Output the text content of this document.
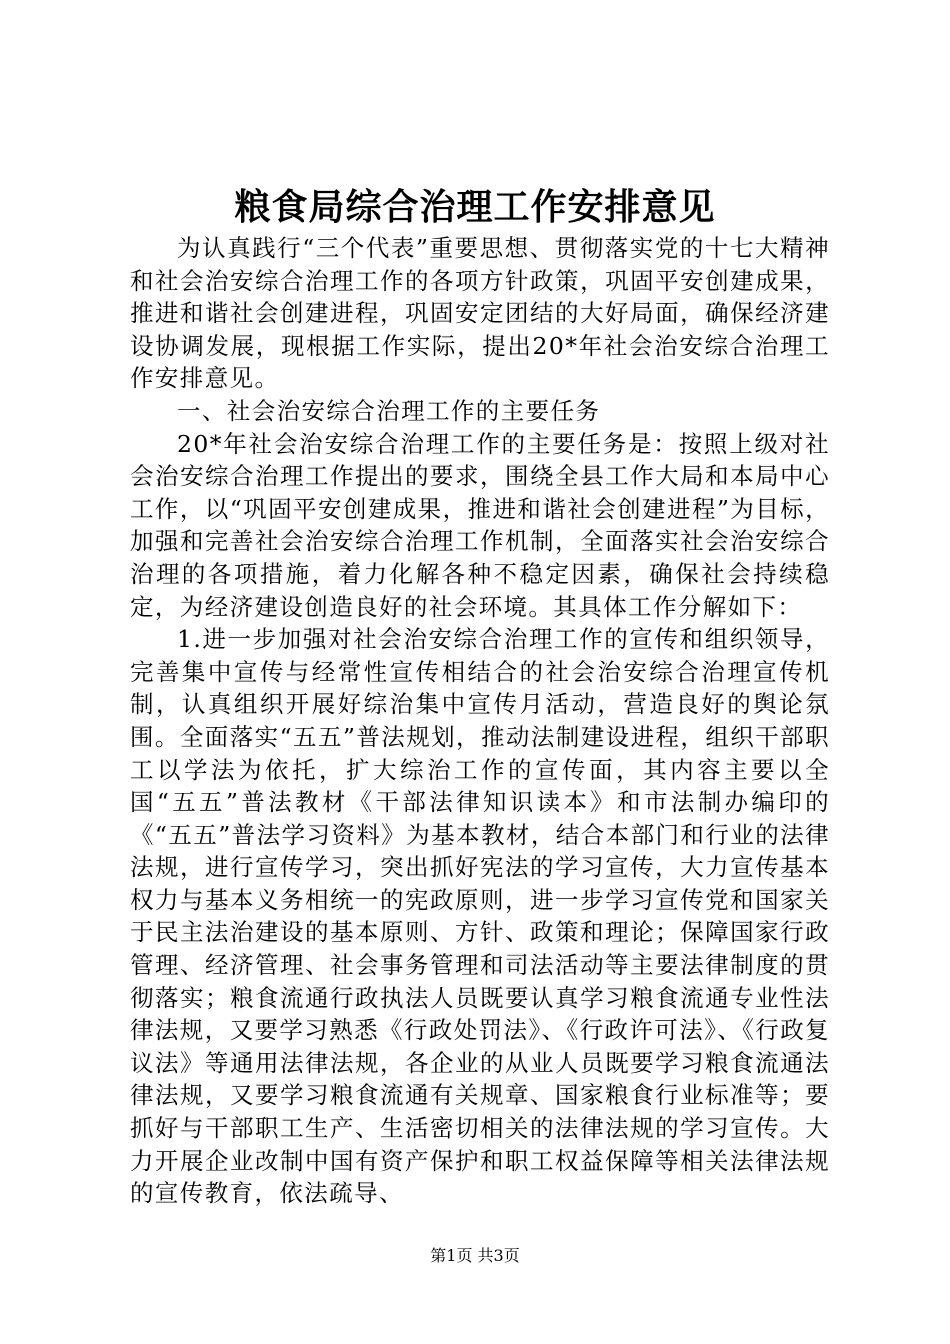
粮食局综合治理工作安排意见

为认真践行“三个代表”重要思想、贯彻落实党的十七大精神和社会治安综合治理工作的各项方针政策，巩固平安创建成果，推进和谐社会创建进程，巩固安定团结的大好局面，确保经济建设协调发展，现根据工作实际，提出20*年社会治安综合治理工作安排意见。

一、社会治安综合治理工作的主要任务

20*年社会治安综合治理工作的主要任务是：按照上级对社会治安综合治理工作提出的要求，围绕全县工作大局和本局中心工作，以“巩固平安创建成果，推进和谐社会创建进程”为目标，加强和完善社会治安综合治理工作机制，全面落实社会治安综合治理的各项措施，着力化解各种不稳定因素，确保社会持续稳定，为经济建设创造良好的社会环境。其具体工作分解如下：

1.进一步加强对社会治安综合治理工作的宣传和组织领导，完善集中宣传与经常性宣传相结合的社会治安综合治理宣传机制，认真组织开展好综治集中宣传月活动，营造良好的舆论氛围。全面落实“五五”普法规划，推动法制建设进程，组织干部职工以学法为依托，扩大综治工作的宣传面，其内容主要以全国“五五”普法教材《干部法律知识读本》和市法制办编印的《“五五”普法学习资料》为基本教材，结合本部门和行业的法律法规，进行宣传学习，突出抓好宪法的学习宣传，大力宣传基本权力与基本义务相统一的宪政原则，进一步学习宣传党和国家关于民主法治建设的基本原则、方针、政策和理论；保障国家行政管理、经济管理、社会事务管理和司法活动等主要法律制度的贯彻落实；粮食流通行政执法人员既要认真学习粮食流通专业性法律法规，又要学习熟悉《行政处罚法》、《行政许可法》、《行政复议法》等通用法律法规，各企业的从业人员既要学习粮食流通法律法规，又要学习粮食流通有关规章、国家粮食行业标准等；要抓好与干部职工生产、生活密切相关的法律法规的学习宣传。大力开展企业改制中国有资产保护和职工权益保障等相关法律法规的宣传教育，依法疏导、

第1页 共3页
